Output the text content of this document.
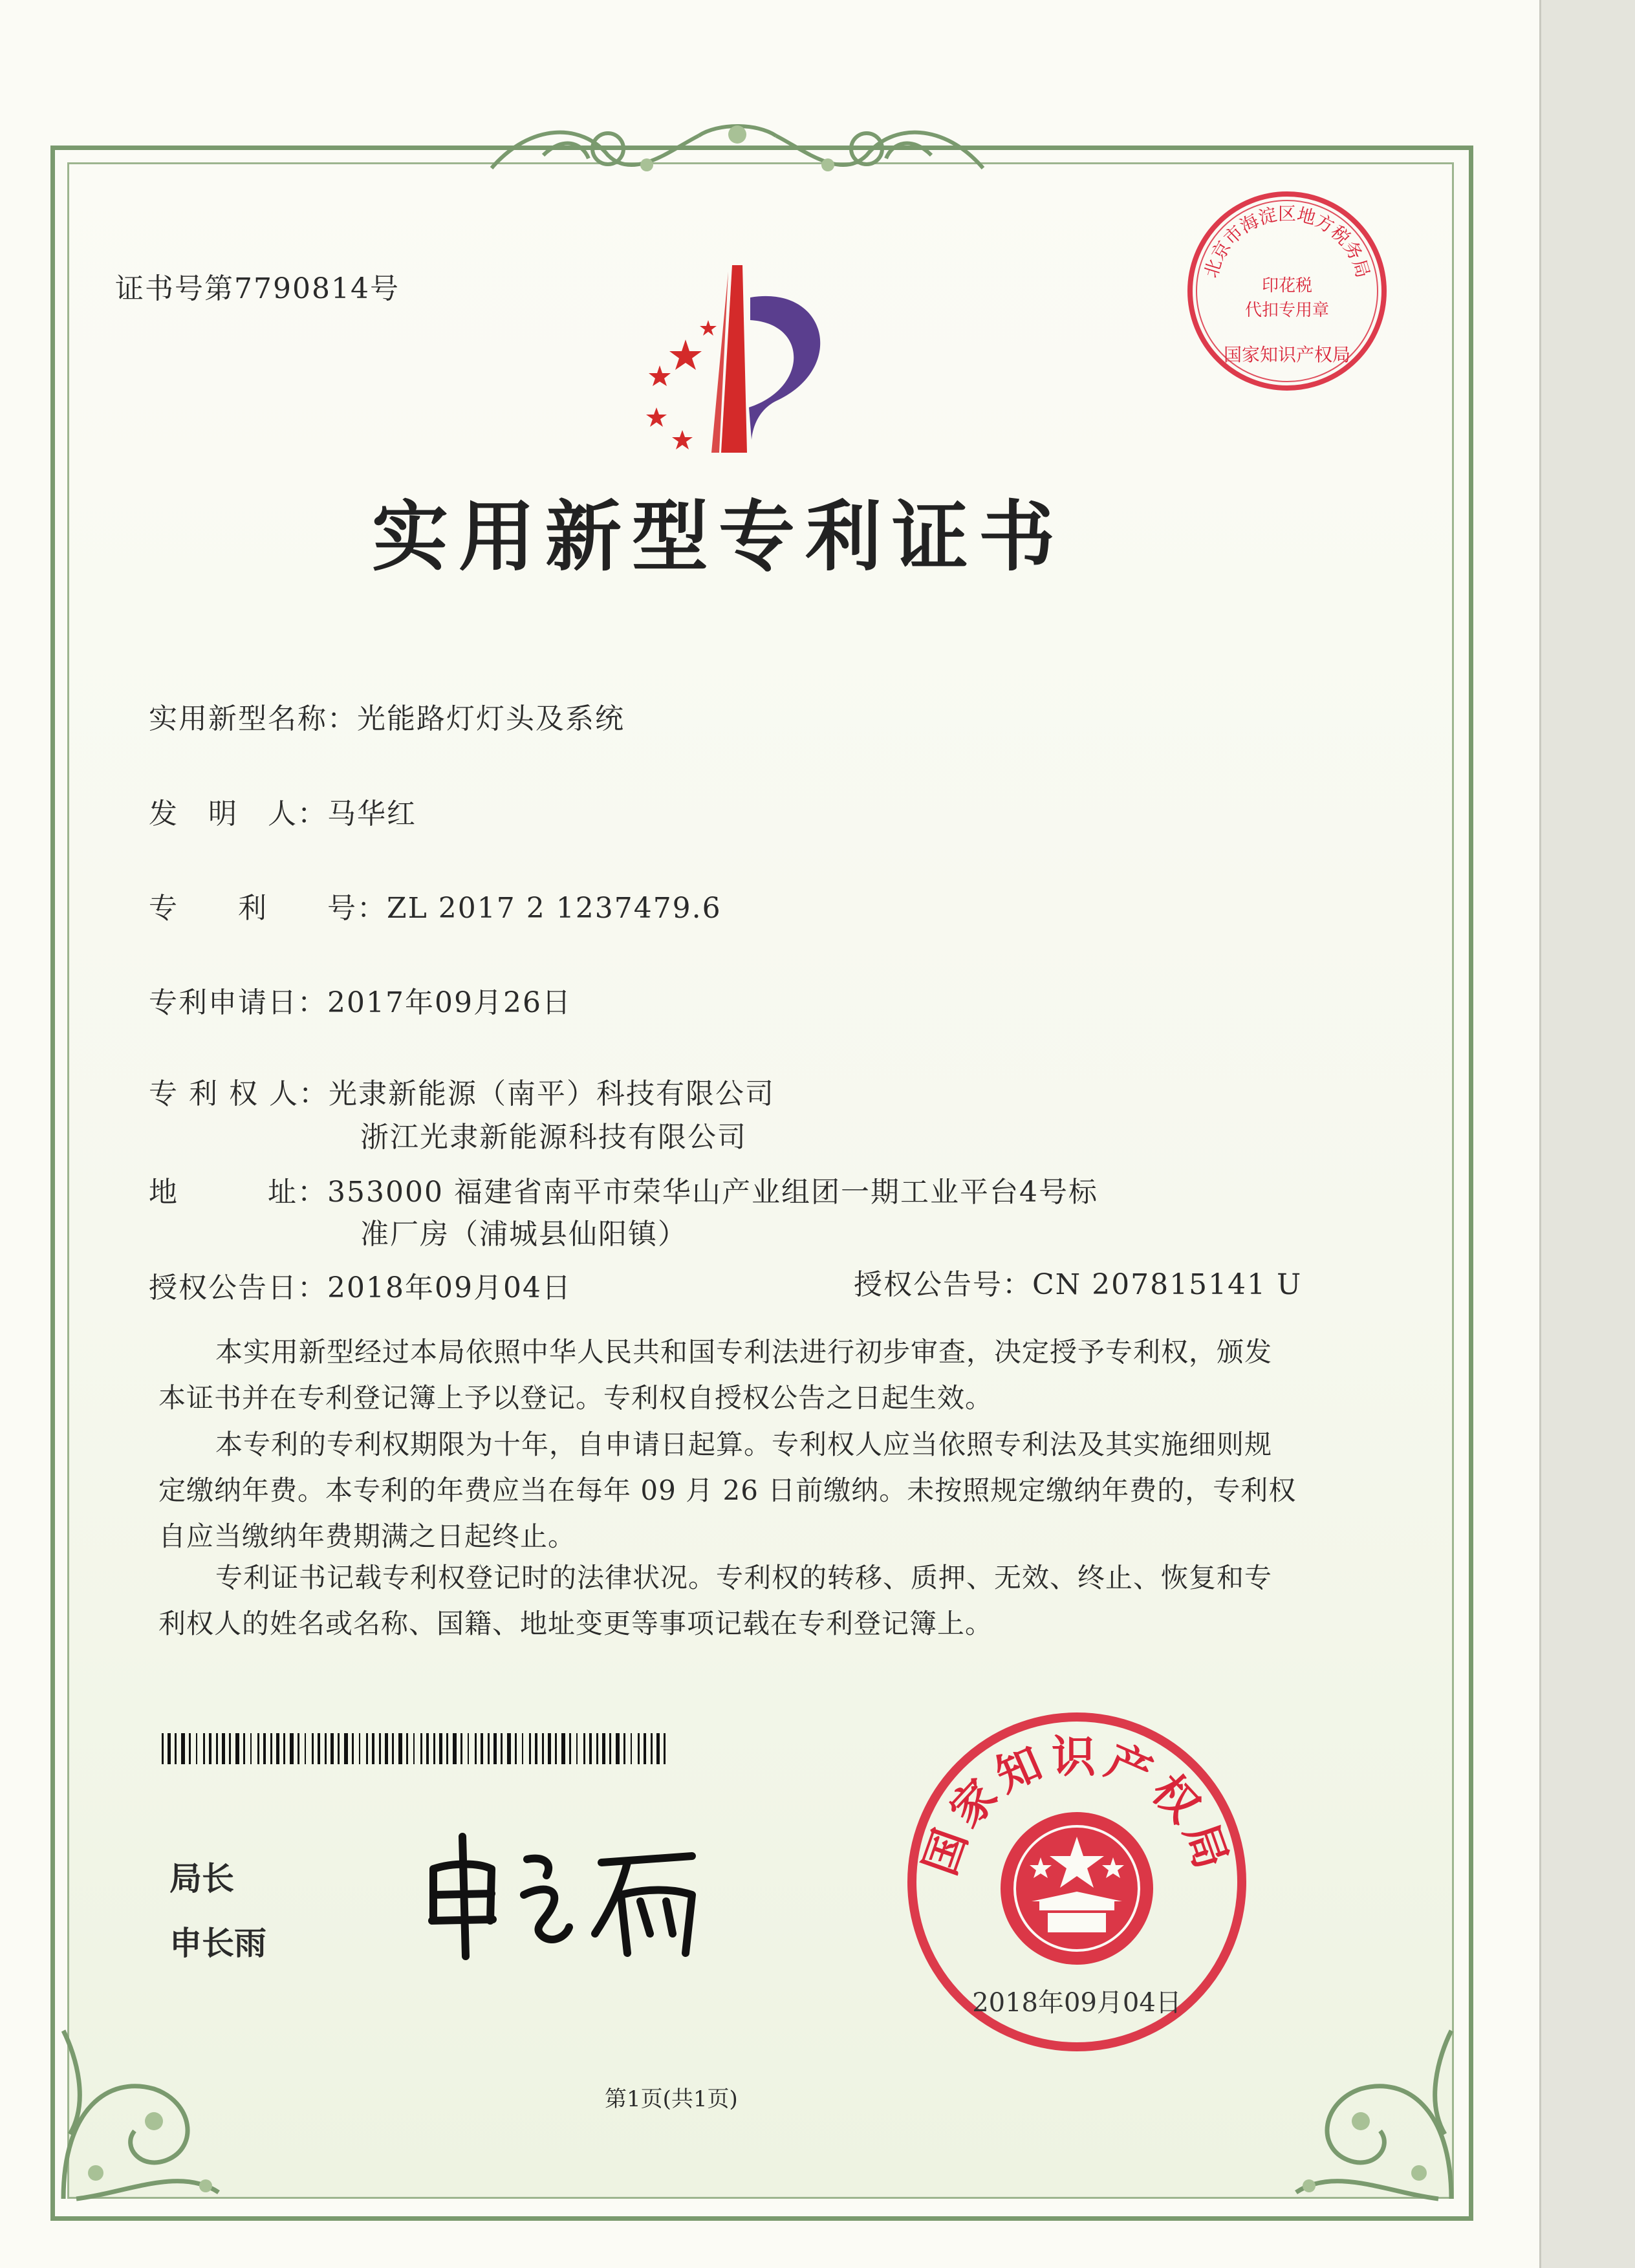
证书号第7790814号
北京市海淀区地方税务局
印花税
代扣专用章
国家知识产权局
实用新型专利证书
实用新型名称：光能路灯灯头及系统
发　明　人：马华红
专　　利　　号：ZL 2017 2 1237479.6
专利申请日：2017年09月26日
专 利 权 人：光隶新能源（南平）科技有限公司
浙江光隶新能源科技有限公司
地　　　址：353000 福建省南平市荣华山产业组团一期工业平台4号标
准厂房（浦城县仙阳镇）
授权公告日：2018年09月04日	授权公告号：CN 207815141 U
本实用新型经过本局依照中华人民共和国专利法进行初步审查，决定授予专利权，颁发
本证书并在专利登记簿上予以登记。专利权自授权公告之日起生效。
本专利的专利权期限为十年，自申请日起算。专利权人应当依照专利法及其实施细则规
定缴纳年费。本专利的年费应当在每年 09 月 26 日前缴纳。未按照规定缴纳年费的，专利权
自应当缴纳年费期满之日起终止。
专利证书记载专利权登记时的法律状况。专利权的转移、质押、无效、终止、恢复和专
利权人的姓名或名称、国籍、地址变更等事项记载在专利登记簿上。
局长
申长雨
国家知识产权局
2018年09月04日
第1页(共1页)
